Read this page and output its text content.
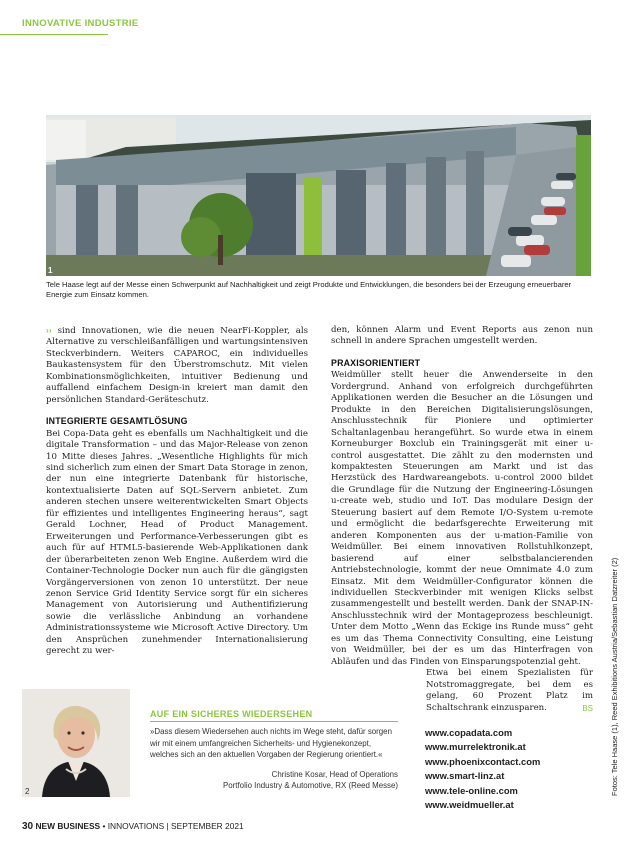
INNOVATIVE INDUSTRIE
1

Tele Haase legt auf der Messe einen Schwerpunkt auf Nachhaltigkeit und zeigt Produkte und Entwicklungen, die besonders bei der Erzeugung erneuerbarer Energie zum Einsatz kommen.

›› sind Innovationen, wie die neuen NearFi-Koppler, als Alternative zu verschleißanfälligen und wartungsintensiven Steckverbindern. Weiters CAPAROC, ein individuelles Baukastensystem für den Überstromschutz. Mit vielen Kombinationsmöglichkeiten, intuitiver Bedienung und auffallend einfachem Design-in kreiert man damit den persönlichen Standard-Geräteschutz.

INTEGRIERTE GESAMTLÖSUNG

Bei Copa-Data geht es ebenfalls um Nachhaltigkeit und die digitale Transformation – und das Major-Release von zenon 10 Mitte dieses Jahres. „Wesentliche Highlights für mich sind sicherlich zum einen der Smart Data Storage in zenon, der nun eine integrierte Datenbank für historische, kontextualisierte Daten auf SQL-Servern anbietet. Zum anderen stechen unsere weiterentwickelten Smart Objects für effizientes und intelligentes Engineering heraus“, sagt Gerald Lochner, Head of Product Management. Erweiterungen und Performance-Verbesserungen gibt es auch für auf HTML5-basierende Web-Applikationen dank der überarbeiteten zenon Web Engine. Außerdem wird die Container-Technologie Docker nun auch für die gängigsten Vorgängerversionen von zenon 10 unterstützt. Der neue zenon Service Grid Identity Service sorgt für ein sicheres Management von Autorisierung und Authentifizierung sowie die verlässliche Anbindung an vorhandene Administrationssysteme wie Microsoft Active Directory. Um den Ansprüchen zunehmender Internationalisierung gerecht zu wer-

den, können Alarm und Event Reports aus zenon nun schnell in andere Sprachen umgestellt werden.

PRAXISORIENTIERT

Weidmüller stellt heuer die Anwenderseite in den Vordergrund. Anhand von erfolgreich durchgeführten Applikationen werden die Besucher an die Lösungen und Produkte in den Bereichen Digitalisierungslösungen, Anschlusstechnik für Pioniere und optimierter Schaltanlagenbau herangeführt. So wurde etwa in einem Korneuburger Boxclub ein Trainingsgerät mit einer u-control ausgestattet. Die zählt zu den modernsten und kompaktesten Steuerungen am Markt und ist das Herzstück des Hardwareangebots. u-control 2000 bildet die Grundlage für die Nutzung der Engineering-Lösungen u-create web, studio und IoT. Das modulare Design der Steuerung basiert auf dem Remote I/O-System u-remote und ermöglicht die bedarfsgerechte Erweiterung mit anderen Komponenten aus der u-mation-Familie von Weidmüller. Bei einem innovativen Rollstuhlkonzept, basierend auf einer selbstbalancierenden Antriebstechnologie, kommt der neue Omnimate 4.0 zum Einsatz. Mit dem Weidmüller-Configurator können die individuellen Steckverbinder mit wenigen Klicks selbst zusammengestellt und bestellt werden. Dank der SNAP-IN-Anschlusstechnik wird der Montageprozess beschleunigt. Unter dem Motto „Wenn das Eckige ins Runde muss“ geht es um das Thema Connectivity Consulting, eine Leistung von Weidmüller, bei der es um das Hinterfragen von Abläufen und das Finden von Einsparungspotenzial geht.

Etwa bei einem Spezialisten für Notstromaggregate, bei dem es gelang, 60 Prozent Platz im Schaltschrank einzusparen.	BS

2
AUF EIN SICHERES WIEDERSEHEN

»Dass diesem Wiedersehen auch nichts im Wege steht, dafür sorgen wir mit einem umfangreichen Sicherheits- und Hygienekonzept, welches sich an den aktuellen Vorgaben der Regierung orientiert.«

Christine Kosar, Head of Operations
Portfolio Industry & Automotive, RX (Reed Messe)

www.copadata.com
www.murrelektronik.at
www.phoenixcontact.com
www.smart-linz.at
www.tele-online.com
www.weidmueller.at
Fotos: Tele Haase (1), Reed Exhibitions Austria/Sebastian Datzreiter (2)
30 NEW BUSINESS • INNOVATIONS | SEPTEMBER 2021
